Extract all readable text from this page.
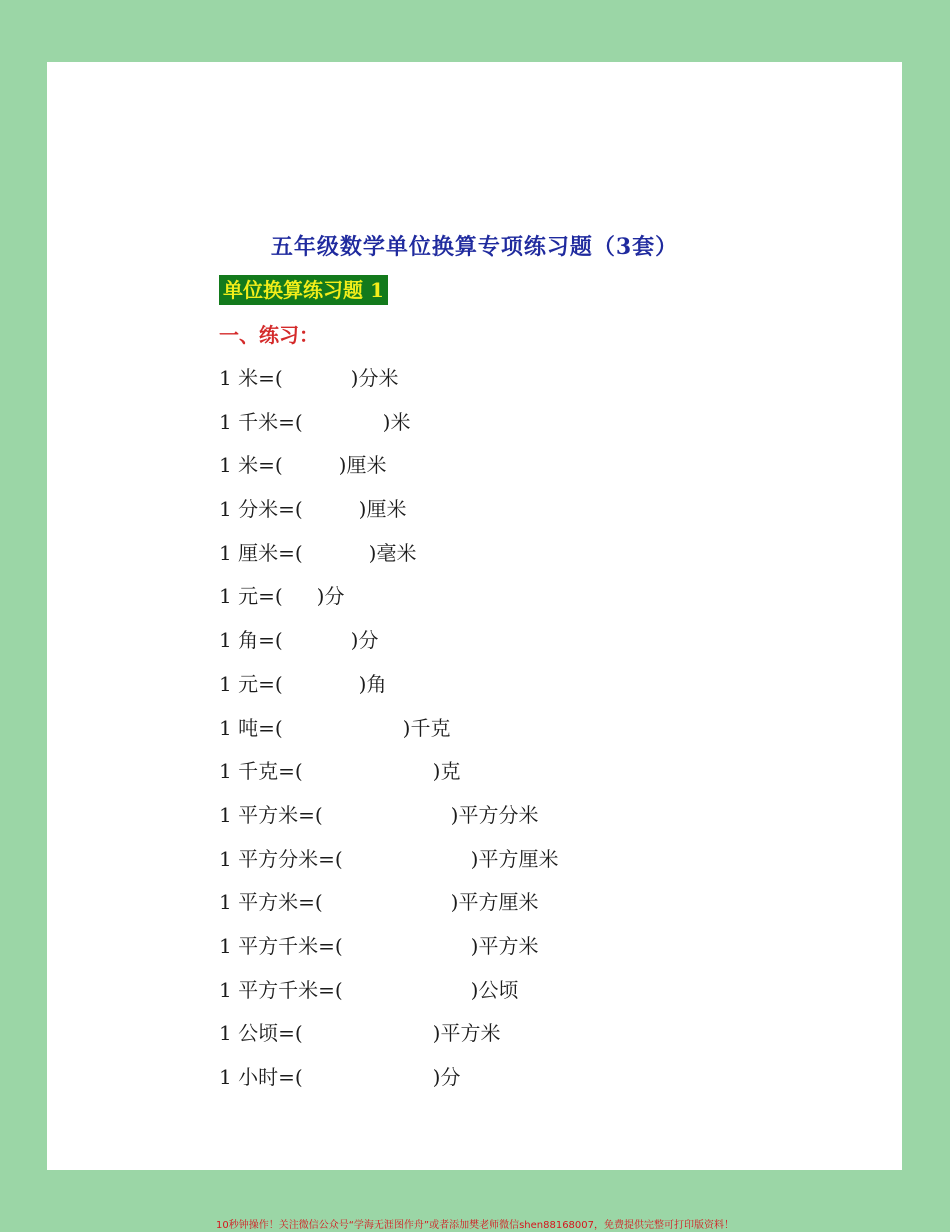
五年级数学单位换算专项练习题（3套）
单位换算练习题 1
一、练习：
1 米=(	)分米
1 千米=(	)米
1 米=(	)厘米
1 分米=(	)厘米
1 厘米=(	)毫米
1 元=( )分
1 角=(	)分
1 元=(	)角
1 吨=(	)千克
1 千克=(	)克
1 平方米=(	)平方分米
1 平方分米=(	)平方厘米
1 平方米=(	)平方厘米
1 平方千米=(	)平方米
1 平方千米=(	)公顷
1 公顷=(	)平方米
1 小时=(	)分
10秒钟操作！关注微信公众号“学海无涯图作舟”或者添加樊老师微信shen88168007，免费提供完整可打印版资料！
